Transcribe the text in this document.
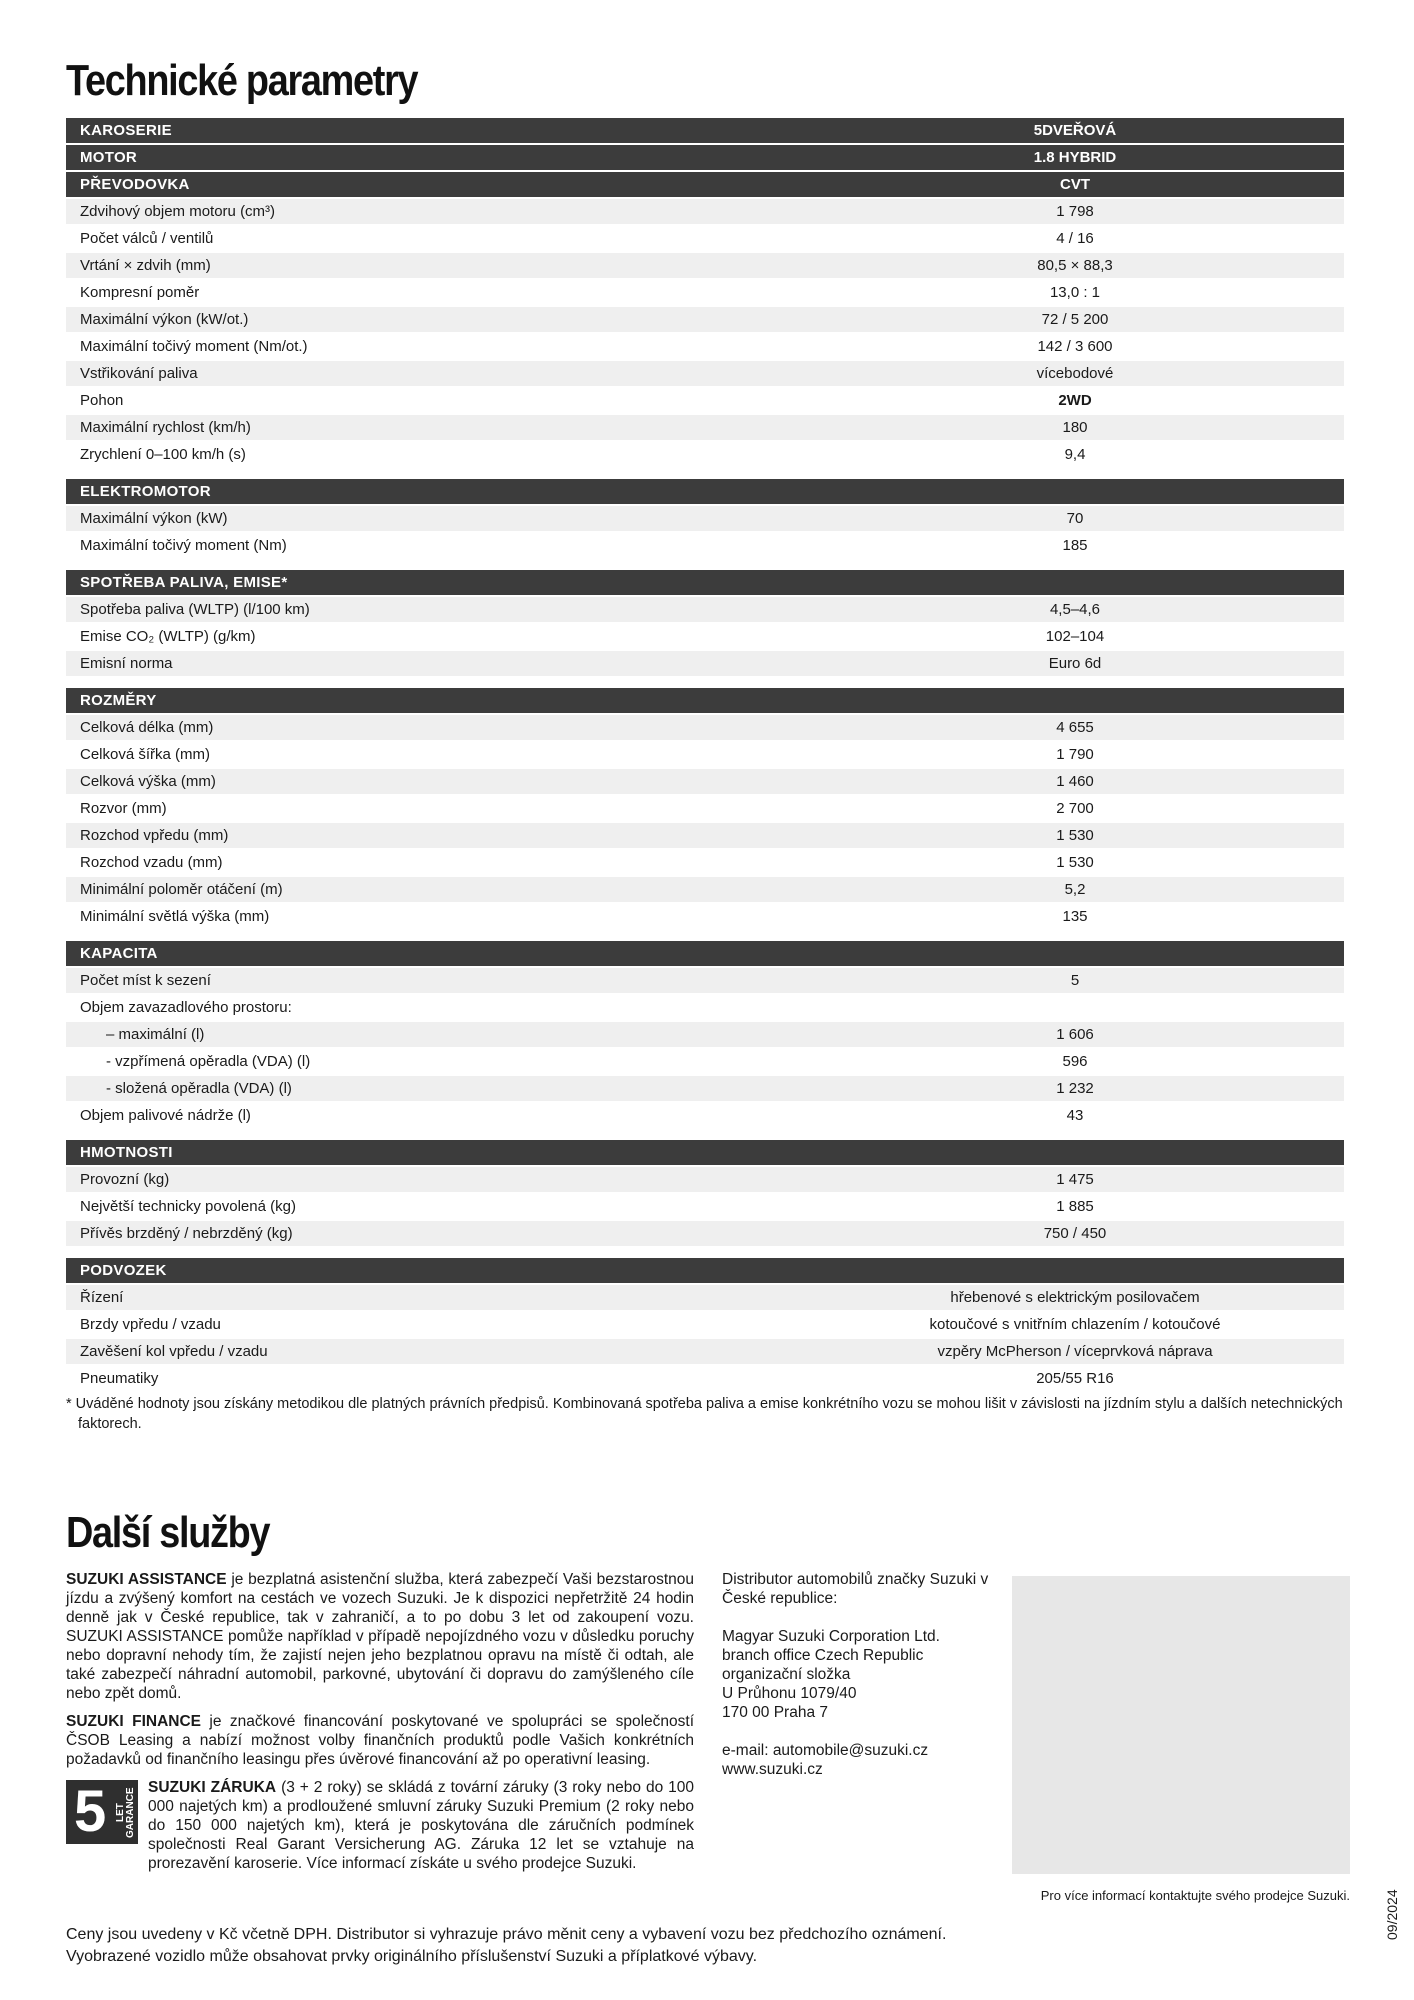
Technické parametry
KAROSERIE	5DVEŘOVÁ
MOTOR	1.8 HYBRID
PŘEVODOVKA	CVT
Zdvihový objem motoru (cm³)	1 798
Počet válců / ventilů	4 / 16
Vrtání × zdvih (mm)	80,5 × 88,3
Kompresní poměr	13,0 : 1
Maximální výkon (kW/ot.)	72 / 5 200
Maximální točivý moment (Nm/ot.)	142 / 3 600
Vstřikování paliva	vícebodové
Pohon	2WD
Maximální rychlost (km/h)	180
Zrychlení 0–100 km/h (s)	9,4
ELEKTROMOTOR
Maximální výkon (kW)	70
Maximální točivý moment (Nm)	185
SPOTŘEBA PALIVA, EMISE*
Spotřeba paliva (WLTP) (l/100 km)	4,5–4,6
Emise CO₂ (WLTP) (g/km)	102–104
Emisní norma	Euro 6d
ROZMĚRY
Celková délka (mm)	4 655
Celková šířka (mm)	1 790
Celková výška (mm)	1 460
Rozvor (mm)	2 700
Rozchod vpředu (mm)	1 530
Rozchod vzadu (mm)	1 530
Minimální poloměr otáčení (m)	5,2
Minimální světlá výška (mm)	135
KAPACITA
Počet míst k sezení	5
Objem zavazadlového prostoru:
– maximální (l)	1 606
- vzpřímená opěradla (VDA) (l)	596
- složená opěradla (VDA) (l)	1 232
Objem palivové nádrže (l)	43
HMOTNOSTI
Provozní (kg)	1 475
Největší technicky povolená (kg)	1 885
Přívěs brzděný / nebrzděný (kg)	750 / 450
PODVOZEK
Řízení	hřebenové s elektrickým posilovačem
Brzdy vpředu / vzadu	kotoučové s vnitřním chlazením / kotoučové
Zavěšení kol vpředu / vzadu	vzpěry McPherson / víceprvková náprava
Pneumatiky	205/55 R16
* Uváděné hodnoty jsou získány metodikou dle platných právních předpisů. Kombinovaná spotřeba paliva a emise konkrétního vozu se mohou lišit v závislosti na jízdním stylu a dalších netechnických faktorech.
Další služby

SUZUKI ASSISTANCE je bezplatná asistenční služba, která zabezpečí Vaši bezstarostnou jízdu a zvýšený komfort na cestách ve vozech Suzuki. Je k dispozici nepřetržitě 24 hodin denně jak v České republice, tak v zahraničí, a to po dobu 3 let od zakoupení vozu. SUZUKI ASSISTANCE pomůže například v případě nepojízdného vozu v důsledku poruchy nebo dopravní nehody tím, že zajistí nejen jeho bezplatnou opravu na místě či odtah, ale také zabezpečí náhradní automobil, parkovné, ubytování či dopravu do zamýšleného cíle nebo zpět domů.

SUZUKI FINANCE je značkové financování poskytované ve spolupráci se společností ČSOB Leasing a nabízí možnost volby finančních produktů podle Vašich konkrétních požadavků od finančního leasingu přes úvěrové financování až po operativní leasing.

5 LET GARANCE
SUZUKI ZÁRUKA (3 + 2 roky) se skládá z tovární záruky (3 roky nebo do 100 000 najetých km) a prodloužené smluvní záruky Suzuki Premium (2 roky nebo do 150 000 najetých km), která je poskytována dle záručních podmínek společnosti Real Garant Versicherung AG. Záruka 12 let se vztahuje na prorezavění karoserie. Více informací získáte u svého prodejce Suzuki.

Distributor automobilů značky Suzuki v České republice:

Magyar Suzuki Corporation Ltd.
branch office Czech Republic
organizační složka
U Průhonu 1079/40
170 00 Praha 7

e-mail: automobile@suzuki.cz
www.suzuki.cz

Pro více informací kontaktujte svého prodejce Suzuki. 09/2024
Ceny jsou uvedeny v Kč včetně DPH. Distributor si vyhrazuje právo měnit ceny a vybavení vozu bez předchozího oznámení.
Vyobrazené vozidlo může obsahovat prvky originálního příslušenství Suzuki a příplatkové výbavy.
